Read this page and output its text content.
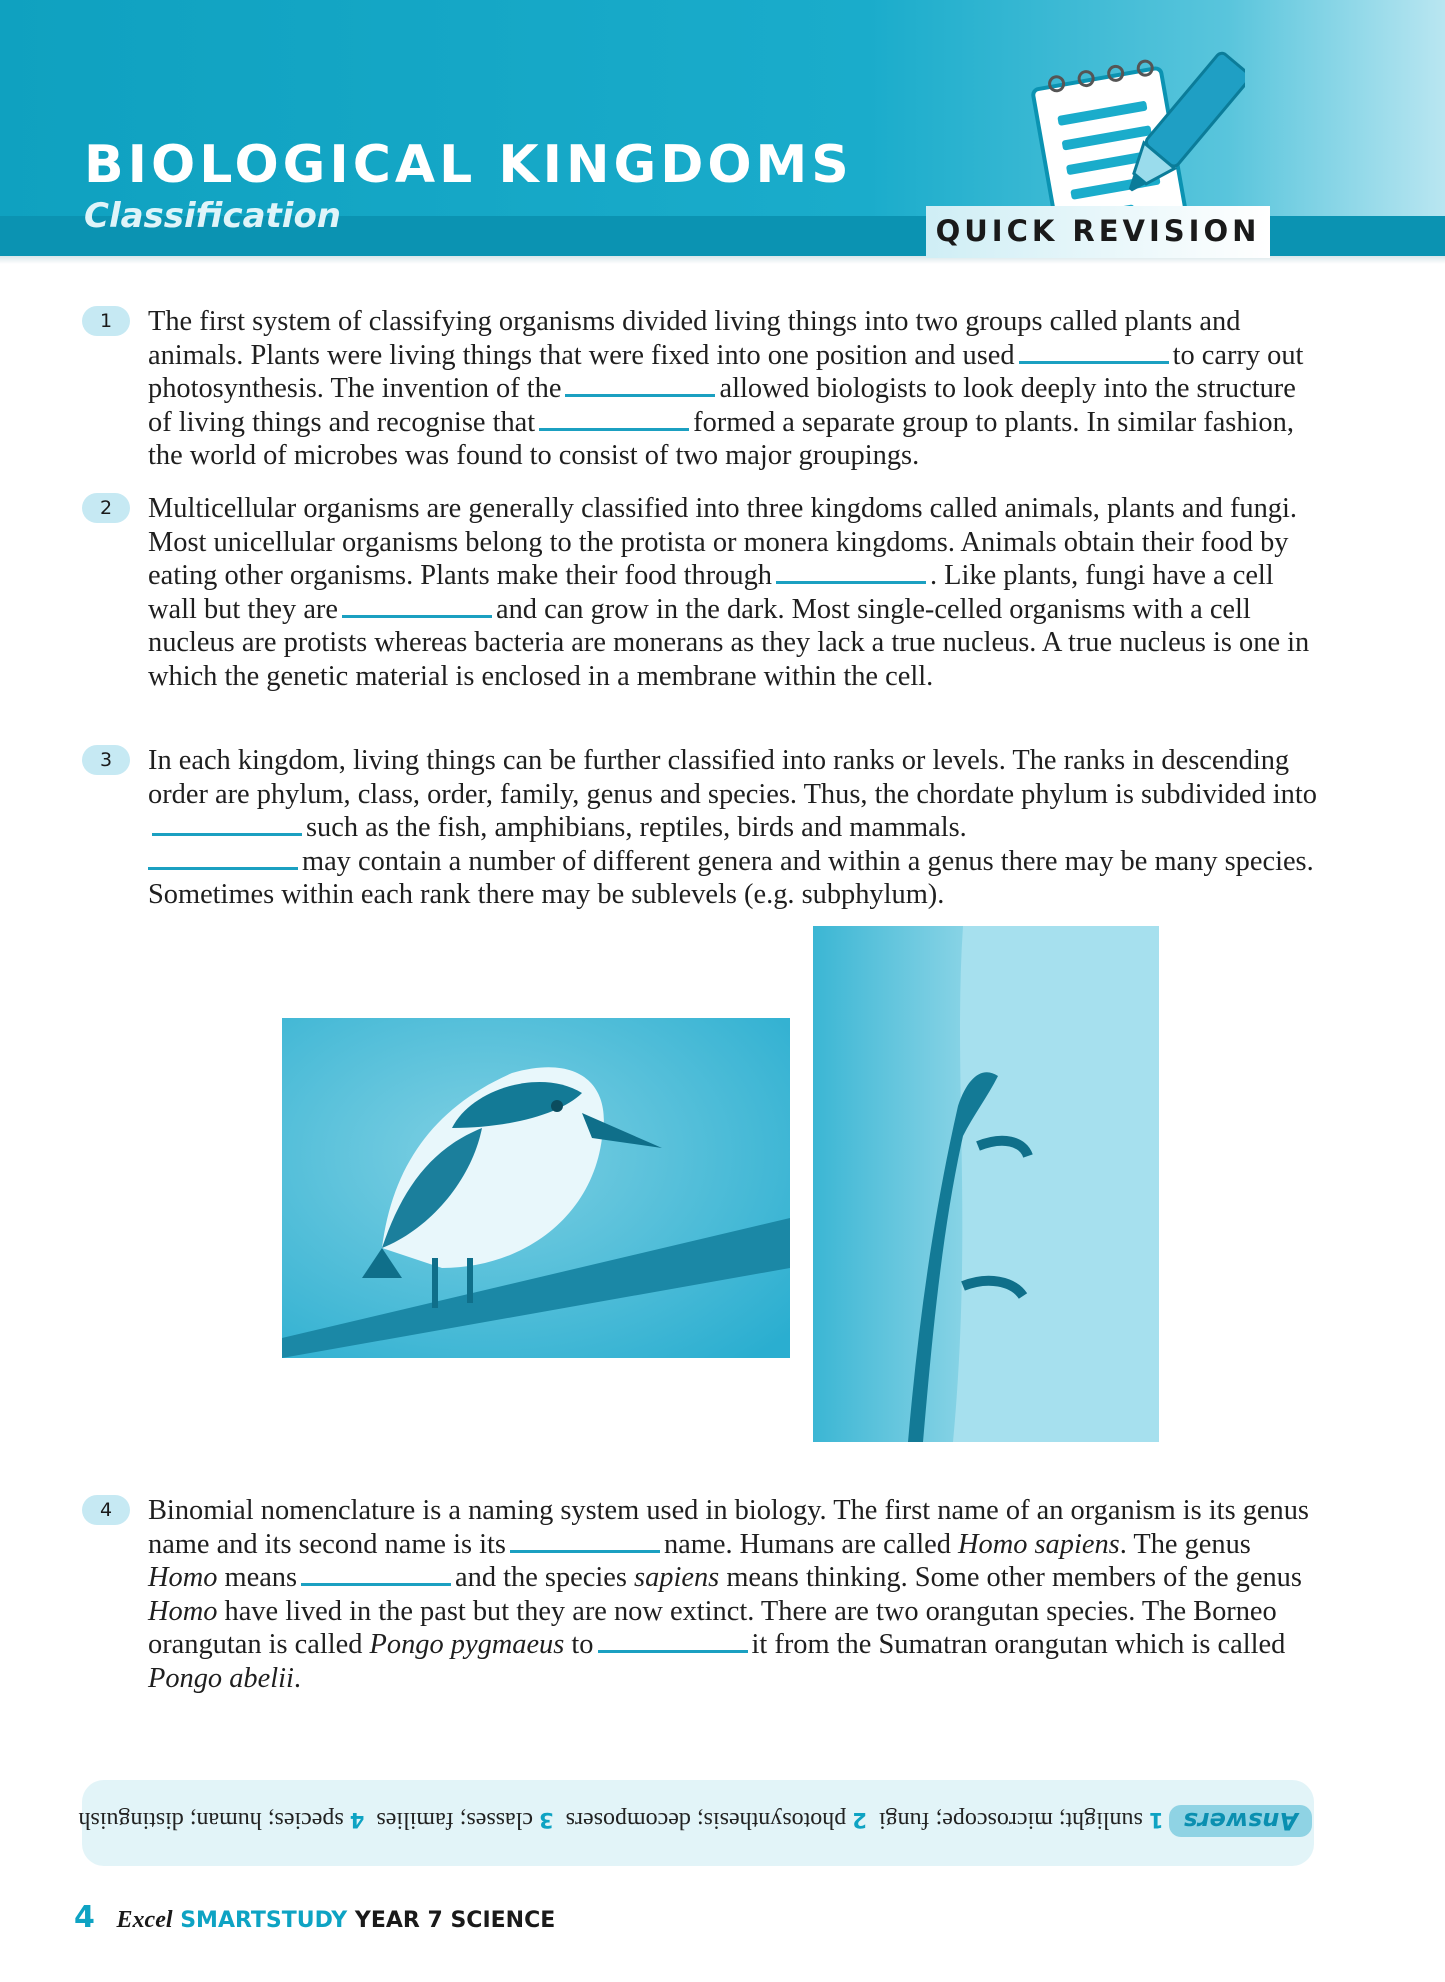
BIOLOGICAL KINGDOMS
Classification	QUICK REVISION
1	The first system of classifying organisms divided living things into two groups called plants and animals. Plants were living things that were fixed into one position and used	to carry out photosynthesis. The invention of the	allowed biologists to look deeply into the structure of living things and recognise that	formed a separate group to plants. In similar fashion, the world of microbes was found to consist of two major groupings.

2	Multicellular organisms are generally classified into three kingdoms called animals, plants and fungi. Most unicellular organisms belong to the protista or monera kingdoms. Animals obtain their food by eating other organisms. Plants make their food through	. Like plants, fungi have a cell wall but they are	and can grow in the dark. Most single-celled organisms with a cell nucleus are protists whereas bacteria are monerans as they lack a true nucleus. A true nucleus is one in which the genetic material is enclosed in a membrane within the cell.

3	In each kingdom, living things can be further classified into ranks or levels. The ranks in descending order are phylum, class, order, family, genus and species. Thus, the chordate phylum is subdivided intosuch as the fish, amphibians, reptiles, birds and mammals.
may contain a number of different genera and within a genus there may be many species. Sometimes within each rank there may be sublevels (e.g. subphylum).

4	Binomial nomenclature is a naming system used in biology. The first name of an organism is its genus name and its second name is its	name. Humans are called Homo sapiens. The genus Homo means	and the species sapiens means thinking. Some other members of the genus Homo have lived in the past but they are now extinct. There are two orangutan species. The Borneo orangutan is called Pongo pygmaeus to	it from the Sumatran orangutan which is called Pongo abelii.

Answers 1 sunlight; microscope; fungi  2 photosynthesis; decomposers  3 classes; families  4 species; human; distinguish
4 Excel SMARTSTUDY YEAR 7 SCIENCE
